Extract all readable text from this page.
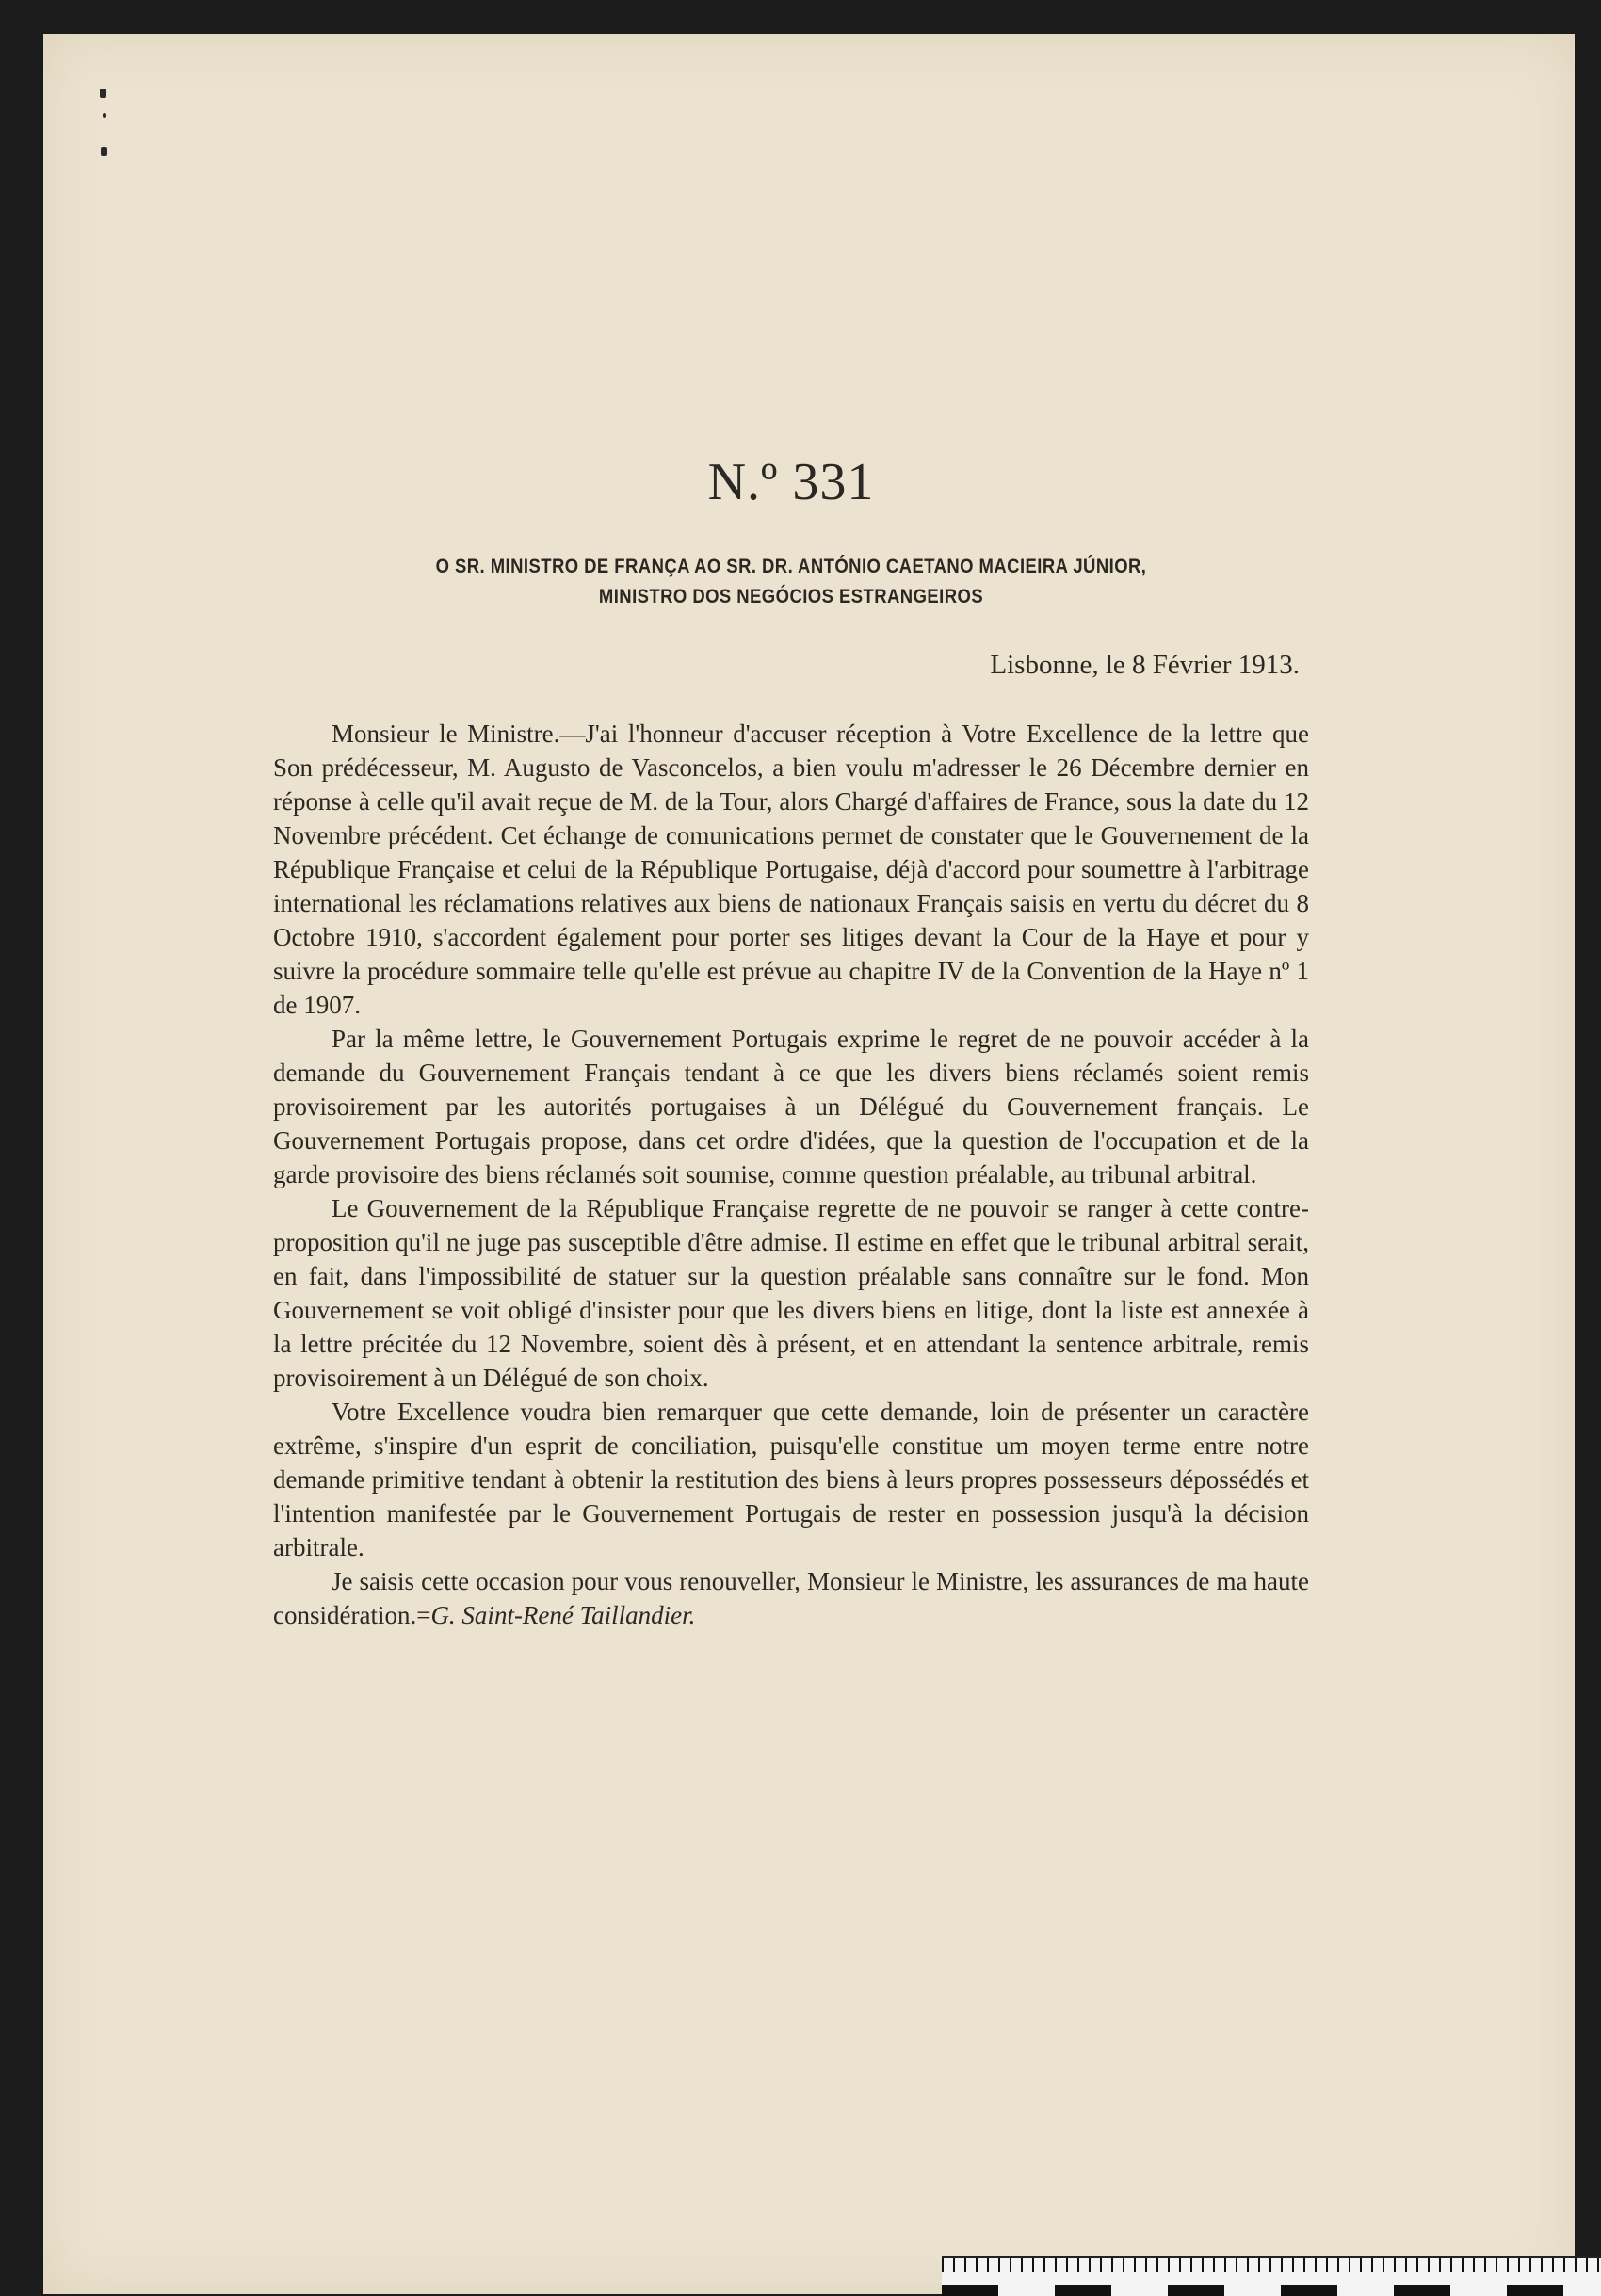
N.º 331
O SR. MINISTRO DE FRANÇA AO SR. DR. ANTÓNIO CAETANO MACIEIRA JÚNIOR,
MINISTRO DOS NEGÓCIOS ESTRANGEIROS
Lisbonne, le 8 Février 1913.

Monsieur le Ministre.—J'ai l'honneur d'accuser réception à Votre Excellence de la lettre que Son prédécesseur, M. Augusto de Vasconcelos, a bien voulu m'adresser le 26 Décembre dernier en réponse à celle qu'il avait reçue de M. de la Tour, alors Chargé d'affaires de France, sous la date du 12 Novembre précédent. Cet échange de comunications permet de constater que le Gouvernement de la République Française et celui de la République Portugaise, déjà d'accord pour soumettre à l'arbitrage international les réclamations relatives aux biens de nationaux Français saisis en vertu du décret du 8 Octobre 1910, s'accordent également pour porter ses litiges devant la Cour de la Haye et pour y suivre la procédure sommaire telle qu'elle est prévue au chapitre IV de la Convention de la Haye nº 1 de 1907.

Par la même lettre, le Gouvernement Portugais exprime le regret de ne pouvoir accéder à la demande du Gouvernement Français tendant à ce que les divers biens réclamés soient remis provisoirement par les autorités portugaises à un Délégué du Gouvernement français. Le Gouvernement Portugais propose, dans cet ordre d'idées, que la question de l'occupation et de la garde provisoire des biens réclamés soit soumise, comme question préalable, au tribunal arbitral.

Le Gouvernement de la République Française regrette de ne pouvoir se ranger à cette contre-proposition qu'il ne juge pas susceptible d'être admise. Il estime en effet que le tribunal arbitral serait, en fait, dans l'impossibilité de statuer sur la question préalable sans connaître sur le fond. Mon Gouvernement se voit obligé d'insister pour que les divers biens en litige, dont la liste est annexée à la lettre précitée du 12 Novembre, soient dès à présent, et en attendant la sentence arbitrale, remis provisoirement à un Délégué de son choix.

Votre Excellence voudra bien remarquer que cette demande, loin de présenter un caractère extrême, s'inspire d'un esprit de conciliation, puisqu'elle constitue um moyen terme entre notre demande primitive tendant à obtenir la restitution des biens à leurs propres possesseurs dépossédés et l'intention manifestée par le Gouvernement Portugais de rester en possession jusqu'à la décision arbitrale.

Je saisis cette occasion pour vous renouveller, Monsieur le Ministre, les assurances de ma haute considération.=G. Saint-René Taillandier.
